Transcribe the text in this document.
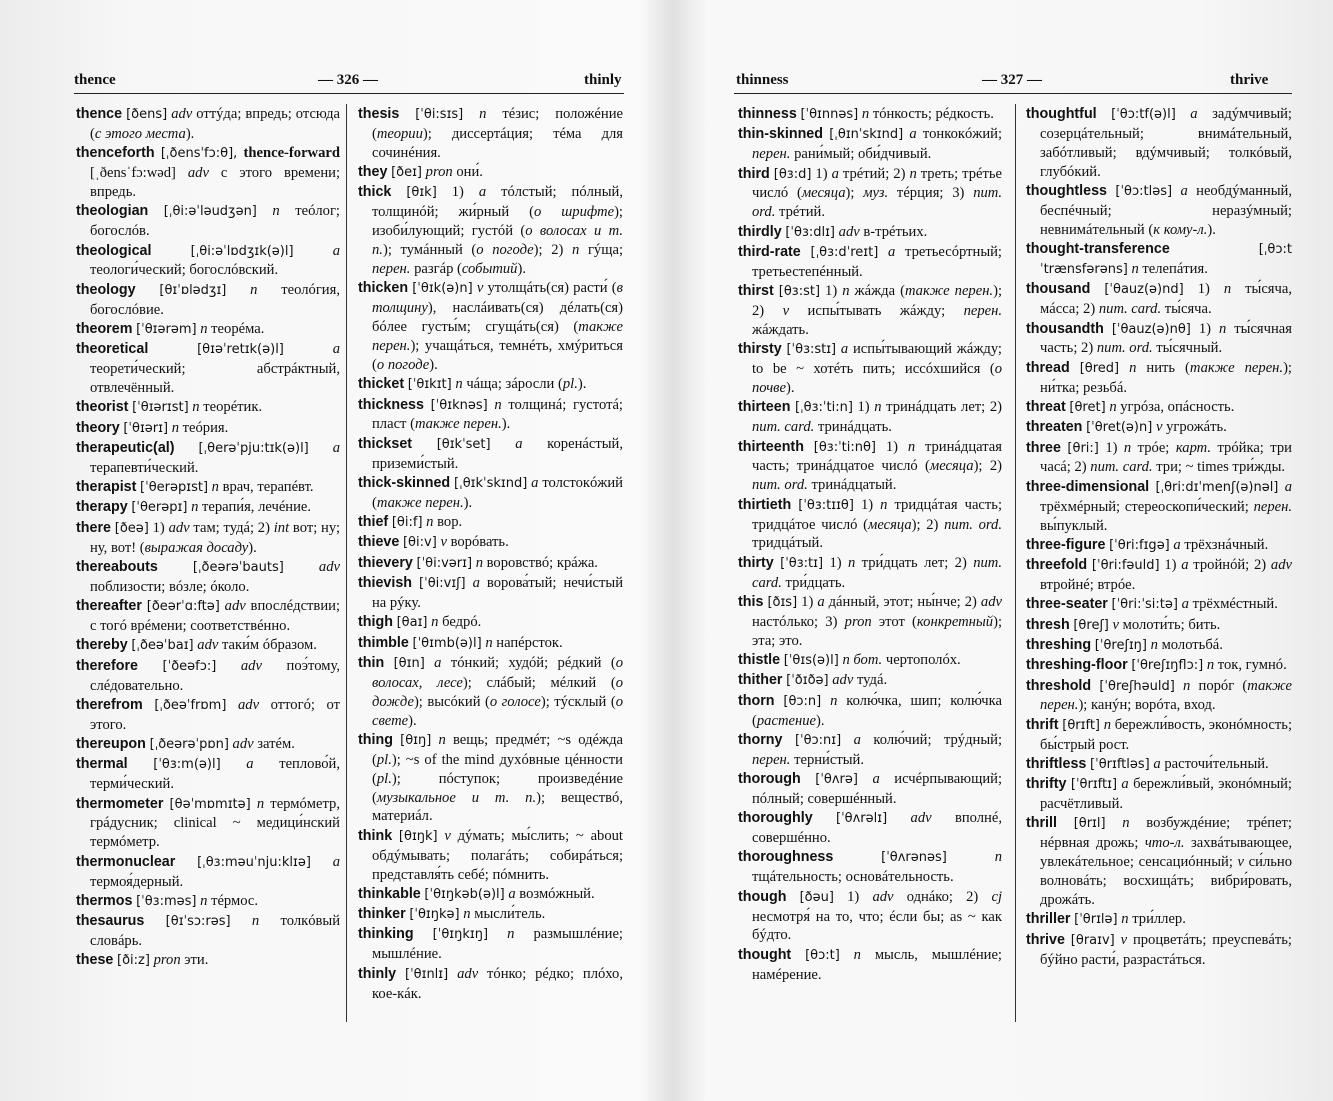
thence	— 326 —	thinly
thence [ðens] adv оттýда; впредь; отсюда (с этого места).
thenceforth [ˌðensˈfɔ:θ], thence-forward [ˌðensˈfɔ:wəd] adv с этого времени; впредь.
theologian [ˌθi:əˈləudʒən] n теóлог; богослóв.
theological	[ˌθi:əˈlɒdʒɪk(ə)l]	a теологи́ческий; богослóвский.
theology [θɪˈɒlədʒɪ] n теолóгия, богослóвие.
theorem [ˈθɪərəm] n теорéма.
theoretical	[θɪəˈretɪk(ə)l]	a теорети́ческий; абстрáктный, отвлечённый.
theorist [ˈθɪərɪst] n теорéтик.
theory [ˈθɪərɪ] n теóрия.
therapeutic(al) [ˌθerəˈpju:tɪk(ə)l] a терапевти́ческий.
therapist [ˈθerəpɪst] n врач, терапéвт.
therapy [ˈθerəpɪ] n терапи́я, лечéние.
there [ðeə] 1) adv там; тудá; 2) int вот; ну; ну, вот! (выражая досаду).
thereabouts	[ˌðeərəˈbauts] adv поблизости; вóзле; óколо.
thereafter [ðeərˈɑ:ftə] adv впослéдствии; с тогó врéмени; соответствéнно.
thereby [ˌðeəˈbaɪ] adv таки́м óбразом.
therefore [ˈðeəfɔ:] adv поэ́тому, слéдовательно.
therefrom [ˌðeəˈfrɒm] adv оттогó; от этого.
thereupon [ˌðeərəˈpɒn] adv затéм.
thermal [ˈθɜ:m(ə)l] a теплово́й, терми́ческий.
thermometer [θəˈmɒmɪtə] n термóметр, грáдусник; clinical ~ медици́нский термóметр.
thermonuclear [ˌθɜ:məuˈnju:klɪə] a термоя́дерный.
thermos [ˈθɜ:məs] n тéрмос.
thesaurus [θɪˈsɔ:rəs] n толкóвый словáрь.
these [ði:z] pron эти.
thesis [ˈθi:sɪs] n тéзис; положéние (теории); диссертáция; тéма для сочинéния.
they [ðeɪ] pron они́.
thick [θɪk] 1) a тóлстый; пóлный, толщинóй; жи́рный (о шрифте); изоби́лующий; густóй (о волосах и т. п.); тумáнный (о погоде); 2) n гýща; перен. разгáр (событий).
thicken [ˈθɪk(ə)n] v утолщáть(ся) расти́ (в толщину), наслáивать(ся) дéлать(ся) бóлее густы́м; сгущáть(ся) (также перен.); учащáться, темнéть, хмýриться (о погоде).
thicket [ˈθɪkɪt] n чáща; зáросли (pl.).
thickness [ˈθɪknəs] n толщинá; густотá; пласт (также перен.).
thickset [θɪkˈset] a коренáстый, приземи́стый.
thick-skinned [ˌθɪkˈskɪnd] a толстокóжий (также перен.).
thief [θi:f] n вор.
thieve [θi:v] v ворóвать.
thievery [ˈθi:vərɪ] n воровствó; крáжа.
thievish [ˈθi:vɪʃ] a ворова́тый; нечи́стый на рýку.
thigh [θaɪ] n бедрó.
thimble [ˈθɪmb(ə)l] n напéрсток.
thin [θɪn] a тóнкий; худóй; рéдкий (о волосах, лесе); слáбый; мéлкий (о дожде); высóкий (о голосе); тýсклый (о свете).
thing [θɪŋ] n вещь; предмéт; ~s одéжда (pl.); ~s of the mind духóвные цéнности (pl.); пóступок; произведéние (музыкальное и т. п.); веществó, материáл.
think [θɪŋk] v дýмать; мы́слить; ~ about обдýмывать; полагáть; собирáться; представля́ть себé; пóмнить.
thinkable [ˈθɪŋkəb(ə)l] a возмóжный.
thinker [ˈθɪŋkə] n мысли́тель.
thinking [ˈθɪŋkɪŋ] n размышлéние; мышлéние.
thinly [ˈθɪnlɪ] adv тóнко; рéдко; плóхо, кое-кáк.
thinness	— 327 —	thrive
thinness [ˈθɪnnəs] n тóнкость; рéдкость.
thin-skinned [ˌθɪnˈskɪnd] a тонкокóжий; перен. рани́мый; оби́дчивый.
third [θɜ:d] 1) a трéтий; 2) n треть; трéтье числó (месяца); муз. тéрция; 3) num. ord. трéтий.
thirdly [ˈθɜ:dlɪ] adv в-трéтьих.
third-rate [ˌθɜ:dˈreɪt] a третьесóртный; третьестепéнный.
thirst [θɜ:st] 1) n жáжда (также перен.); 2) v испы́тывать жáжду; перен. жáждать.
thirsty [ˈθɜ:stɪ] a испы́тывающий жáжду; to be ~ хотéть пить; иссóхшийся (о почве).
thirteen [ˌθɜ:ˈti:n] 1) n тринáдцать лет; 2) num. card. тринáдцать.
thirteenth [θɜ:ˈti:nθ] 1) n тринáдцатая часть; тринáдцатое числó (месяца); 2) num. ord. тринáдцатый.
thirtieth [ˈθɜ:tɪɪθ] 1) n тридцáтая часть; тридцáтое числó (месяца); 2) num. ord. тридцáтый.
thirty [ˈθɜ:tɪ] 1) n три́дцать лет; 2) num. card. три́дцать.
this [ðɪs] 1) a дáнный, этот; ны́нче; 2) adv настóлько; 3) pron этот (конкретный); эта; это.
thistle [ˈθɪs(ə)l] n бот. чертополóх.
thither [ˈðɪðə] adv тудá.
thorn [θɔ:n] n колю́чка, шип; колю́чка (растение).
thorny [ˈθɔ:nɪ] a колю́чий; трýдный; перен. терни́стый.
thorough [ˈθʌrə] a исчéрпывающий; пóлный; совершéнный.
thoroughly [ˈθʌrəlɪ] adv вполнé, совершéнно.
thoroughness	[ˈθʌrənəs]	n тщáтельность; основáтельность.
though [ðəu] 1) adv однáко; 2) cj несмотря́ на то, что; éсли бы; as ~ как бýдто.
thought [θɔ:t] n мысль, мышлéние; намéрение.
thoughtful [ˈθɔ:tf(ə)l] a задýмчивый; созерцáтельный; внимáтельный, забóтливый; вдýмчивый; толкóвый, глубóкий.
thoughtless [ˈθɔ:tləs] a необдýманный, беспéчный; неразýмный; невнимáтельный (к кому-л.).
thought-transference	[ˌθɔ:tˈtrænsfərəns] n телепáтия.
thousand [ˈθauz(ə)nd] 1) n ты́сяча, мáсса; 2) num. card. ты́сяча.
thousandth [ˈθauz(ə)nθ] 1) n ты́сячная часть; 2) num. ord. ты́сячный.
thread [θred] n нить (также перен.); ни́тка; резьбá.
threat [θret] n угрóза, опáсность.
threaten [ˈθret(ə)n] v угрожáть.
three [θri:] 1) n трóе; карт. трóйка; три часá; 2) num. card. три; ~ times три́жды.
three-dimensional [ˌθri:dɪˈmenʃ(ə)nəl] a трёхмéрный; стереоскопи́ческий; перен. вы́пуклый.
three-figure [ˈθri:fɪgə] a трёхзнáчный.
threefold [ˈθri:fəuld] 1) a тройнóй; 2) adv втройнé; втрóе.
three-seater [ˈθri:ˈsi:tə] a трёхмéстный.
thresh [θreʃ] v молоти́ть; бить.
threshing [ˈθreʃɪŋ] n молотьбá.
threshing-floor [ˈθreʃɪŋflɔ:] n ток, гумнó.
threshold [ˈθreʃhəuld] n порóг (также перен.); канýн; ворóта, вход.
thrift [θrɪft] n бережли́вость, эконóмность; бы́стрый рост.
thriftless [ˈθrɪftləs] a расточи́тельный.
thrifty [ˈθrɪftɪ] a бережли́вый, эконóмный; расчётливый.
thrill [θrɪl] n возбуждéние; трéпет; нéрвная дрожь; что-л. захвáтывающее, увлекáтельное; сенсациóнный; v си́льно волновáть; восхищáть; вибри́ровать, дрожáть.
thriller [ˈθrɪlə] n три́ллер.
thrive [θraɪv] v процветáть; преуспевáть; бýйно расти́, разрастáться.
